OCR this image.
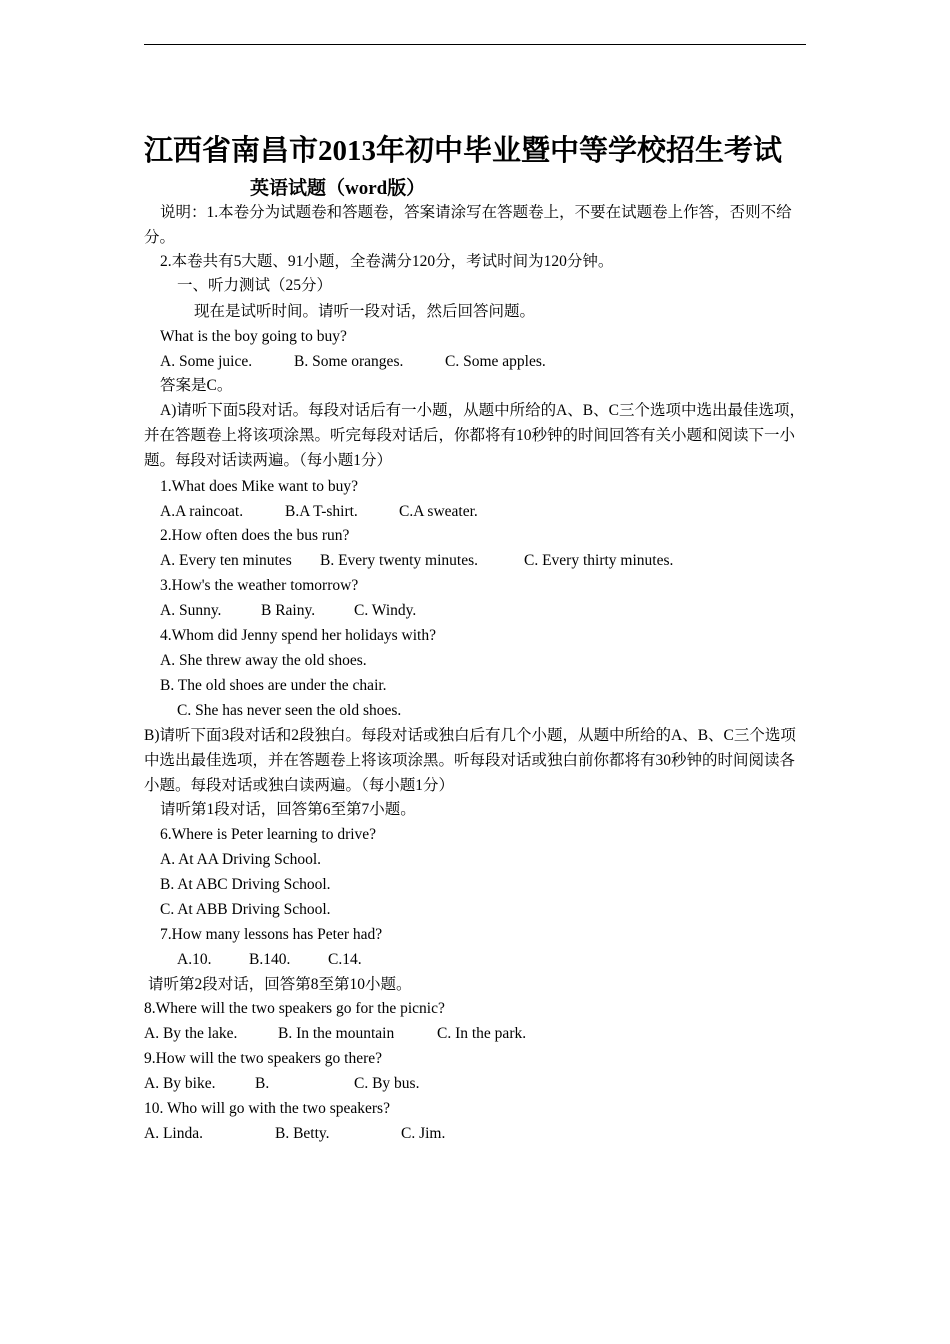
江西省南昌市2013年初中毕业暨中等学校招生考试
英语试题（word版）
说明：1.本卷分为试题卷和答题卷，答案请涂写在答题卷上，不要在试题卷上作答，否则不给分。
2.本卷共有5大题、91小题，全卷满分120分，考试时间为120分钟。
一、听力测试（25分）
现在是试听时间。请听一段对话，然后回答问题。
What is the boy going to buy?
A. Some juice.	B. Some oranges.	C. Some apples.
答案是C。
A)请听下面5段对话。每段对话后有一小题，从题中所给的A、B、C三个选项中选出最佳选项，并在答题卷上将该项涂黑。听完每段对话后，你都将有10秒钟的时间回答有关小题和阅读下一小题。每段对话读两遍。（每小题1分）
1.What does Mike want to buy?
A.A raincoat.	B.A T-shirt.	C.A sweater.
2.How often does the bus run?
A. Every ten minutes B. Every twenty minutes.	C. Every thirty minutes.
3.How's the weather tomorrow?
A. Sunny.	B Rainy.	C. Windy.
4.Whom did Jenny spend her holidays with?
A. She threw away the old shoes.
B. The old shoes are under the chair.
C. She has never seen the old shoes.
B)请听下面3段对话和2段独白。每段对话或独白后有几个小题，从题中所给的A、B、C三个选项中选出最佳选项，并在答题卷上将该项涂黑。听每段对话或独白前你都将有30秒钟的时间阅读各小题。每段对话或独白读两遍。（每小题1分）
请听第1段对话，回答第6至第7小题。
6.Where is Peter learning to drive?
A. At AA Driving School.
B. At ABC Driving School.
C. At ABB Driving School.
7.How many lessons has Peter had?
A.10. B.140. C.14.
请听第2段对话，回答第8至第10小题。
8.Where will the two speakers go for the picnic?
A. By the lake.	B. In the mountain	C. In the park.
9.How will the two speakers go there?
A. By bike.	B.	C. By bus.
10. Who will go with the two speakers?
A. Linda.	B. Betty.	C. Jim.
